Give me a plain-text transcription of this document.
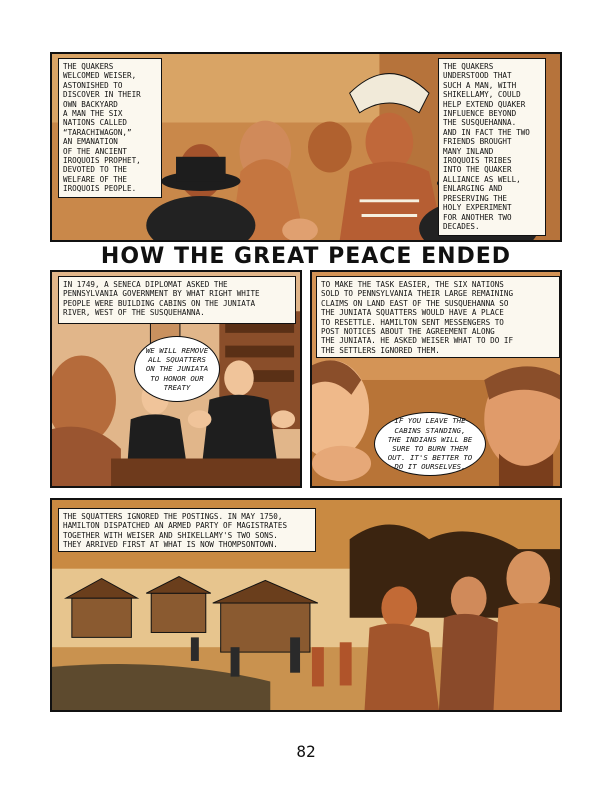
THE QUAKERS
WELCOMED WEISER,
ASTONISHED TO
DISCOVER IN THEIR
OWN BACKYARD
A MAN THE SIX
NATIONS CALLED
“TARACHIWAGON,”
AN EMANATION
OF THE ANCIENT
IROQUOIS PROPHET,
DEVOTED TO THE
WELFARE OF THE
IROQUOIS PEOPLE.
THE QUAKERS
UNDERSTOOD THAT
SUCH A MAN, WITH
SHIKELLAMY, COULD
HELP EXTEND QUAKER
INFLUENCE BEYOND
THE SUSQUEHANNA.
AND IN FACT THE TWO
FRIENDS BROUGHT
MANY INLAND
IROQUOIS TRIBES
INTO THE QUAKER
ALLIANCE AS WELL,
ENLARGING AND
PRESERVING THE
HOLY EXPERIMENT
FOR ANOTHER TWO
DECADES.
HOW THE GREAT PEACE ENDED
IN 1749, A SENECA DIPLOMAT ASKED THE
PENNSYLVANIA GOVERNMENT BY WHAT RIGHT WHITE
PEOPLE WERE BUILDING CABINS ON THE JUNIATA
RIVER, WEST OF THE SUSQUEHANNA.
WE WILL REMOVE
ALL SQUATTERS
ON THE JUNIATA
TO HONOR OUR
TREATY
TO MAKE THE TASK EASIER, THE SIX NATIONS
SOLD TO PENNSYLVANIA THEIR LARGE REMAINING
CLAIMS ON LAND EAST OF THE SUSQUEHANNA SO
THE JUNIATA SQUATTERS WOULD HAVE A PLACE
TO RESETTLE. HAMILTON SENT MESSENGERS TO
POST NOTICES ABOUT THE AGREEMENT ALONG
THE JUNIATA. HE ASKED WEISER WHAT TO DO IF
THE SETTLERS IGNORED THEM.
IF YOU LEAVE THE
CABINS STANDING,
THE INDIANS WILL BE
SURE TO BURN THEM
OUT. IT'S BETTER TO
DO IT OURSELVES.
THE SQUATTERS IGNORED THE POSTINGS. IN MAY 1750,
HAMILTON DISPATCHED AN ARMED PARTY OF MAGISTRATES
TOGETHER WITH WEISER AND SHIKELLAMY'S TWO SONS.
THEY ARRIVED FIRST AT WHAT IS NOW THOMPSONTOWN.
82
